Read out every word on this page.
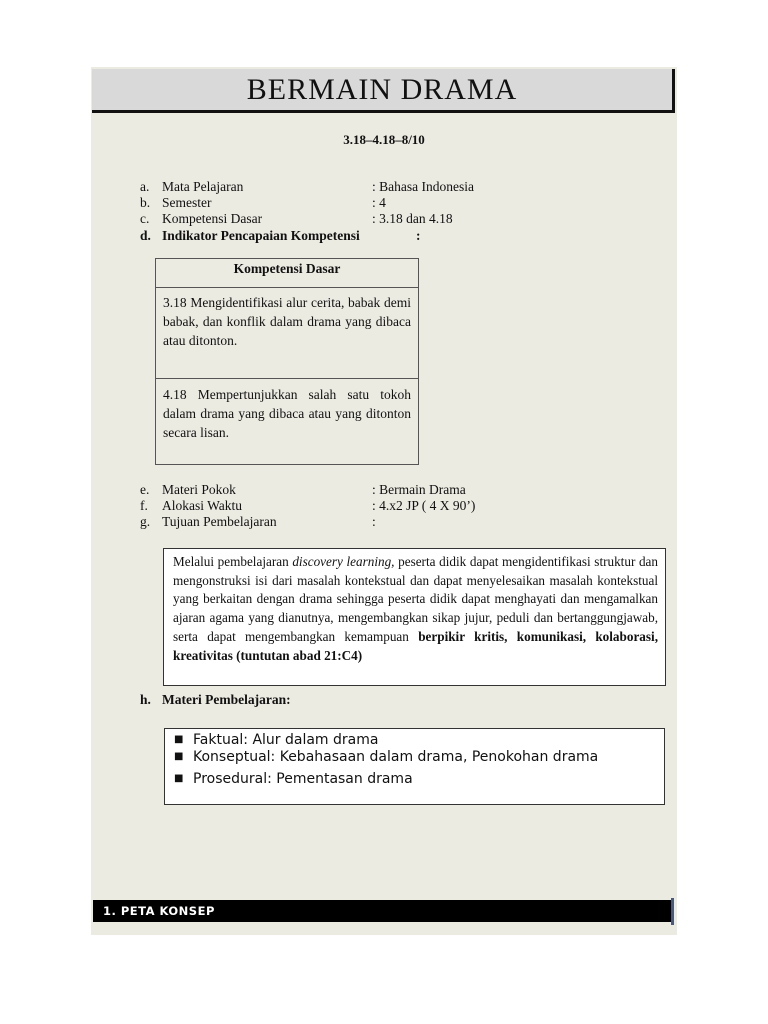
BERMAIN DRAMA
3.18–4.18–8/10
a. Mata Pelajaran	: Bahasa Indonesia
b. Semester	: 4
c. Kompetensi Dasar	: 3.18 dan 4.18
d. Indikator Pencapaian Kompetensi	:
Kompetensi Dasar
3.18 Mengidentifikasi alur cerita, babak demi babak, dan konflik dalam drama yang dibaca atau ditonton.
4.18 Mempertunjukkan salah satu tokoh dalam drama yang dibaca atau yang ditonton secara lisan.
e. Materi Pokok	: Bermain Drama
f. Alokasi Waktu	: 4.x2 JP ( 4 X 90’)
g. Tujuan Pembelajaran	:
Melalui pembelajaran discovery learning, peserta didik dapat mengidentifikasi struktur dan mengonstruksi isi dari masalah kontekstual dan dapat menyelesaikan masalah kontekstual yang berkaitan dengan drama sehingga peserta didik dapat menghayati dan mengamalkan ajaran agama yang dianutnya, mengembangkan sikap jujur, peduli dan bertanggungjawab, serta dapat mengembangkan kemampuan berpikir kritis, komunikasi, kolaborasi, kreativitas (tuntutan abad 21:C4)
h. Materi Pembelajaran:
■ Faktual: Alur dalam drama
■ Konseptual: Kebahasaan dalam drama, Penokohan drama
■ Prosedural: Pementasan drama
1. PETA KONSEP
